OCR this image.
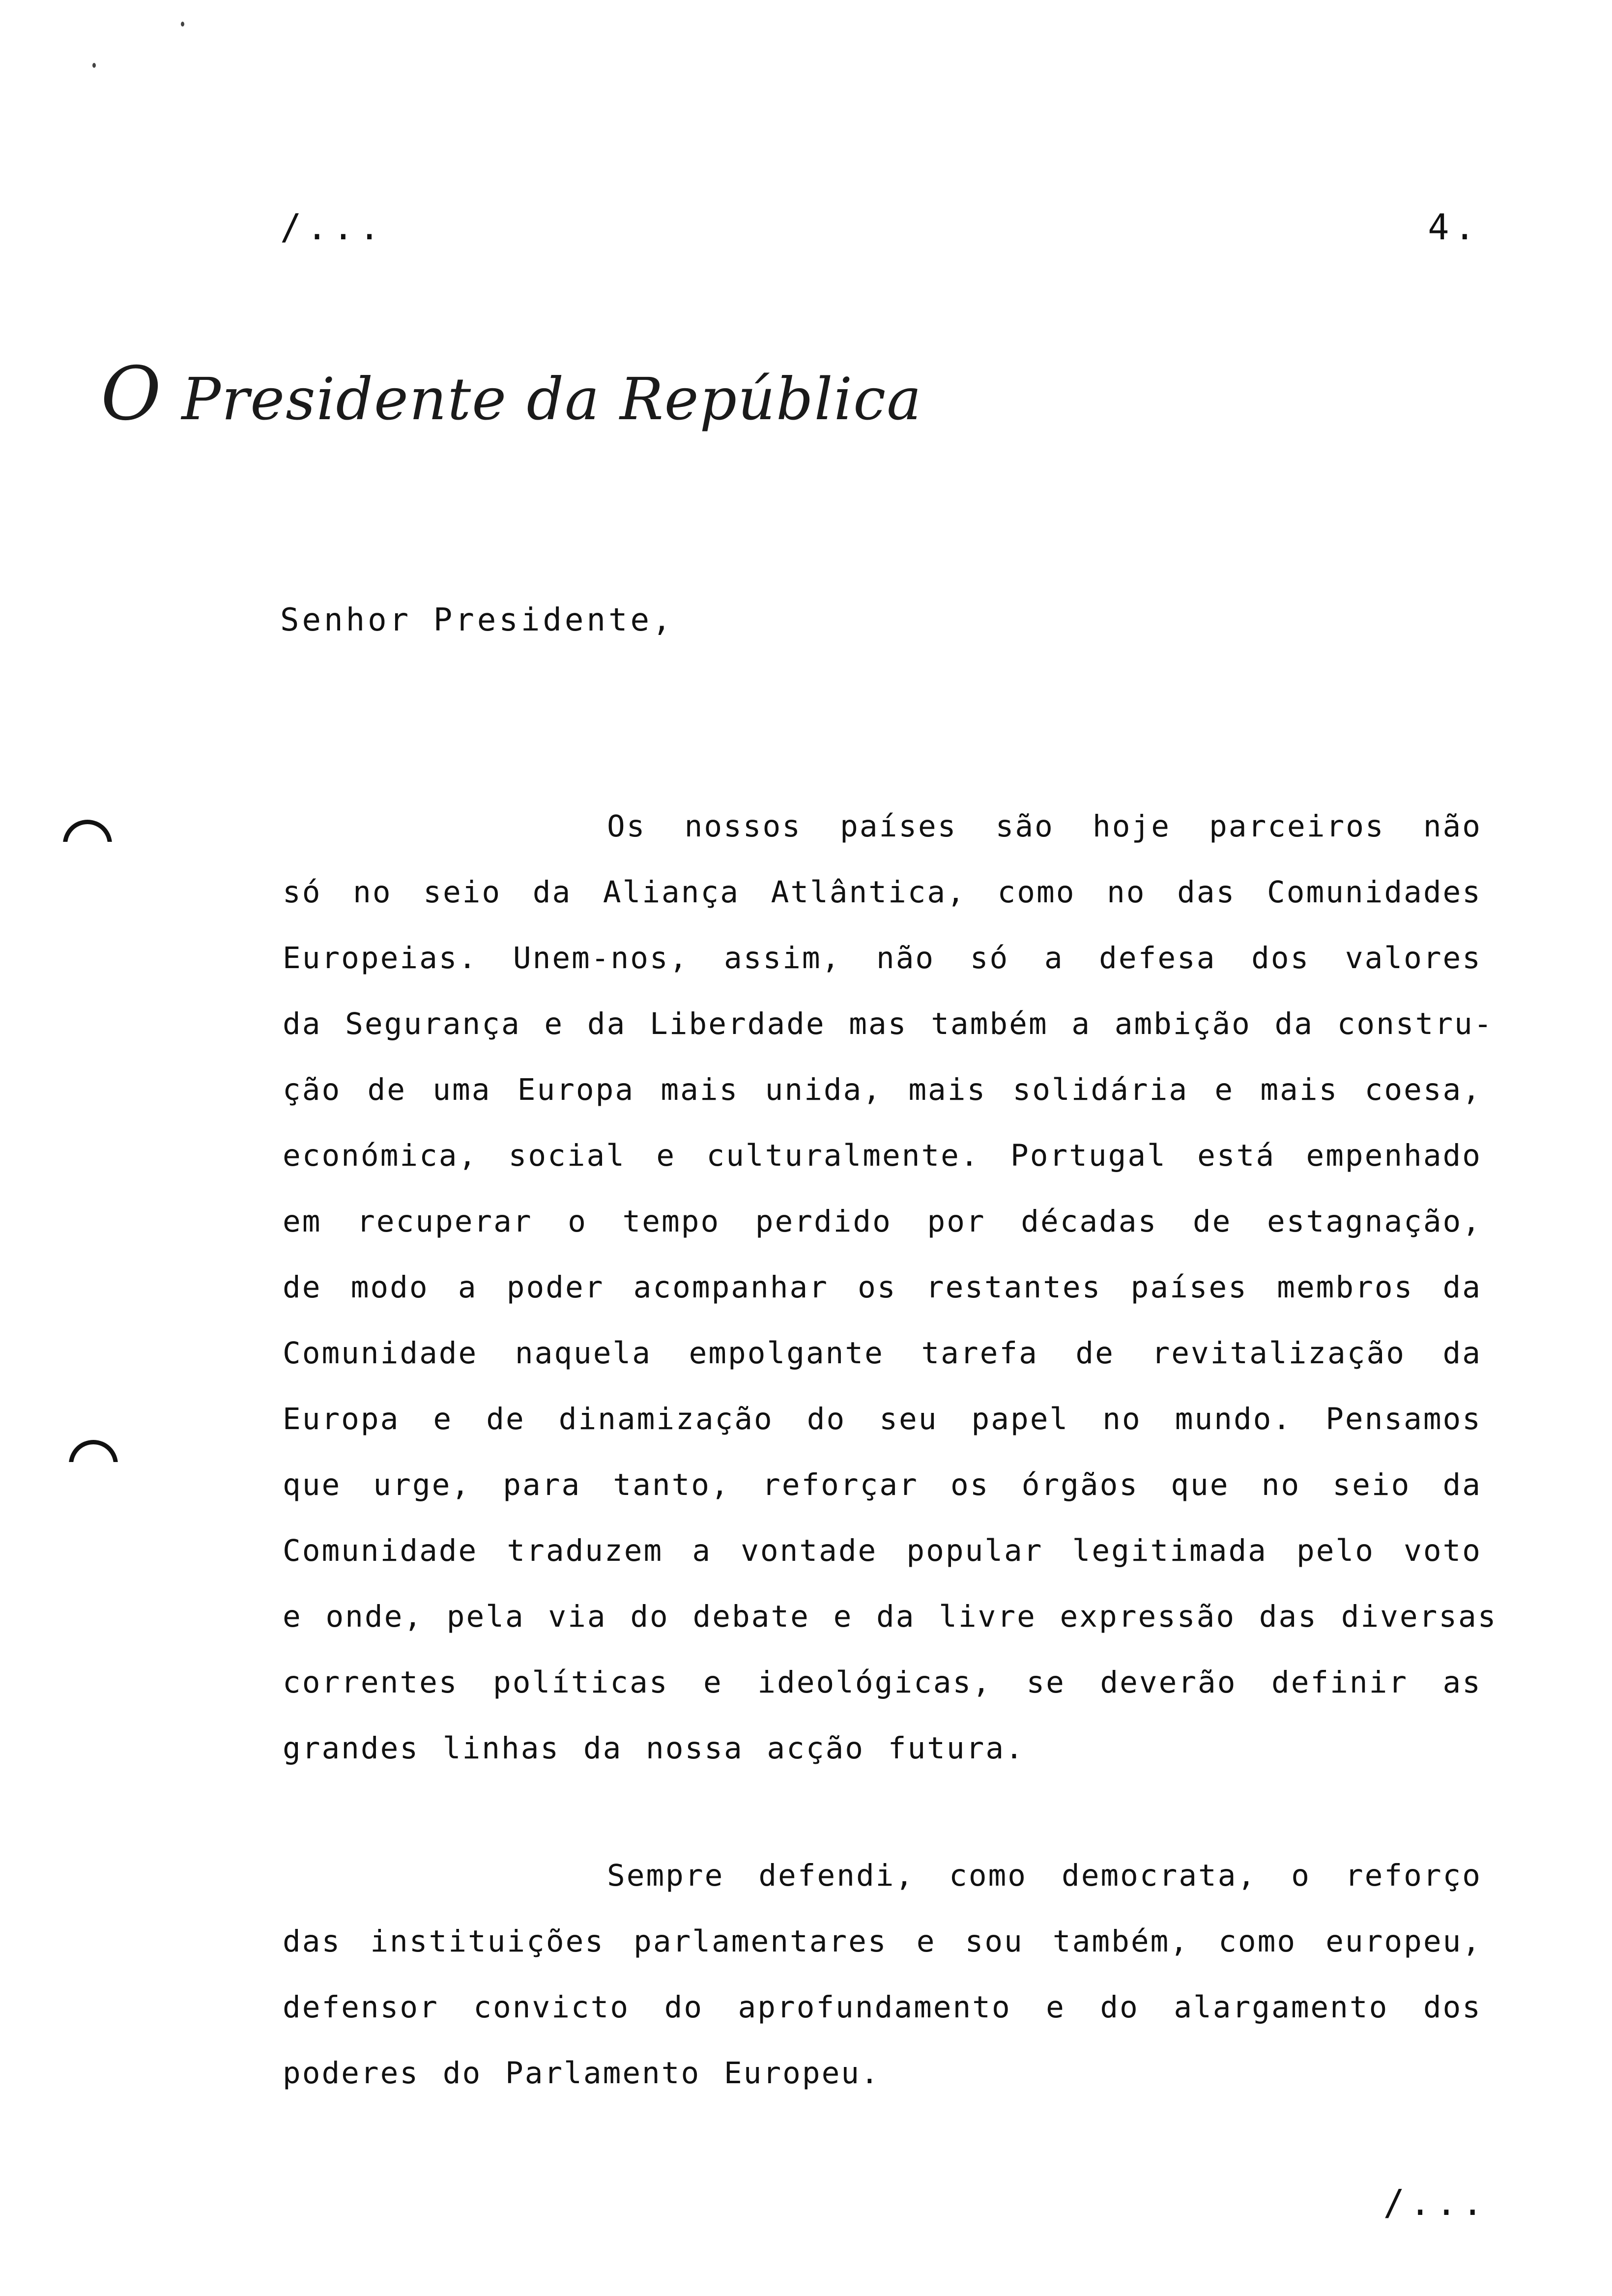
/...	4.
O Presidente da República
Senhor Presidente,
Os nossos países são hoje parceiros não
só no seio da Aliança Atlântica, como no das Comunidades
Europeias. Unem-nos, assim, não só a defesa dos valores
da Segurança e da Liberdade mas também a ambição da constru-
ção de uma Europa mais unida, mais solidária e mais coesa,
económica, social e culturalmente. Portugal está empenhado
em recuperar o tempo perdido por décadas de estagnação,
de modo a poder acompanhar os restantes países membros da
Comunidade naquela empolgante tarefa de revitalização da
Europa e de dinamização do seu papel no mundo. Pensamos
que urge, para tanto, reforçar os órgãos que no seio da
Comunidade traduzem a vontade popular legitimada pelo voto
e onde, pela via do debate e da livre expressão das diversas
correntes políticas e ideológicas, se deverão definir as
grandes linhas da nossa acção futura.
Sempre defendi, como democrata, o reforço
das instituições parlamentares e sou também, como europeu,
defensor convicto do aprofundamento e do alargamento dos
poderes do Parlamento Europeu.
/...
